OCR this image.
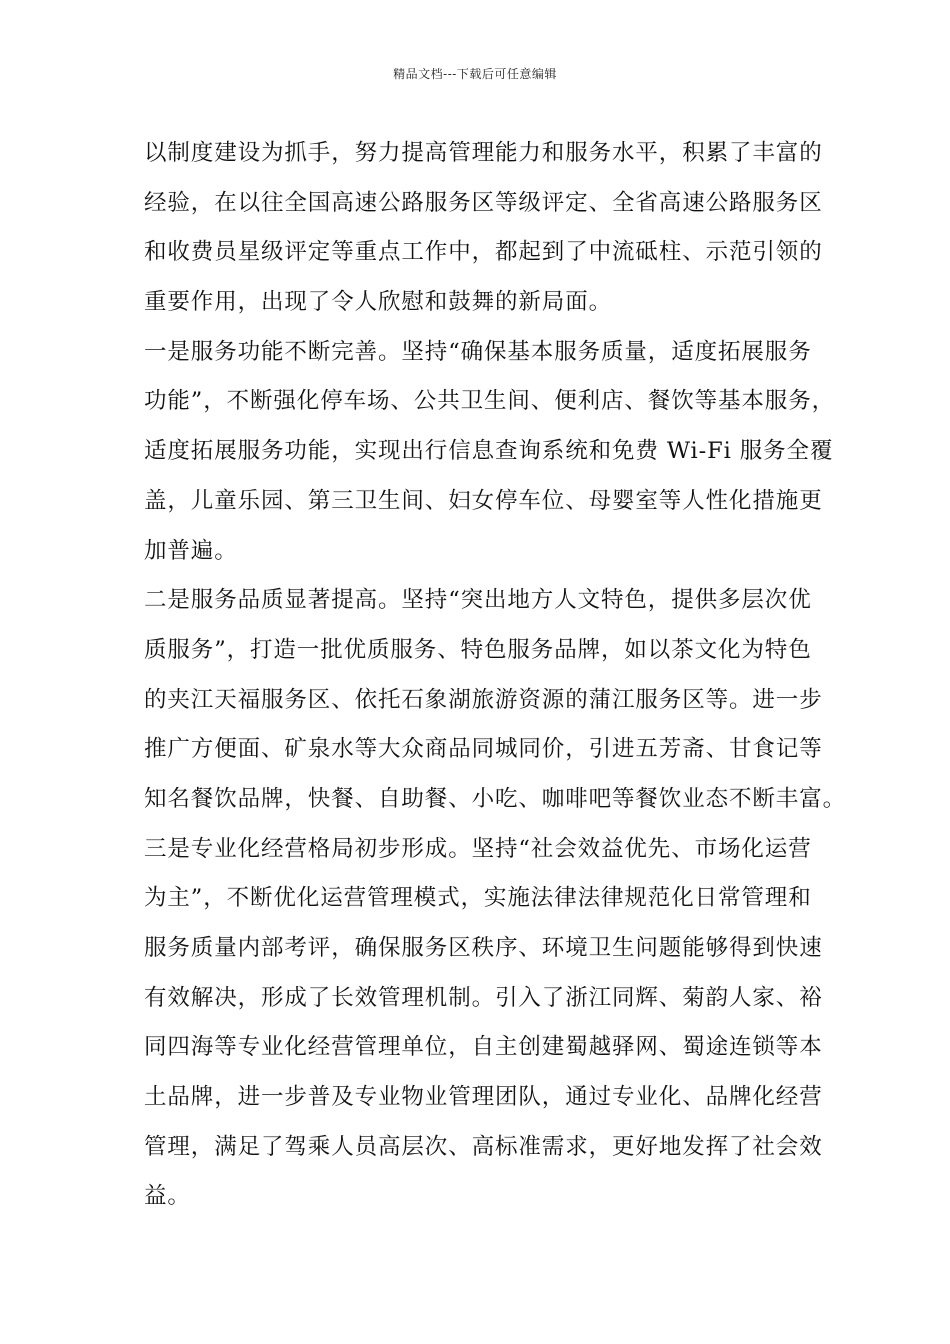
精品文档---下载后可任意编辑
以制度建设为抓手，努力提高管理能力和服务水平，积累了丰富的
经验，在以往全国高速公路服务区等级评定、全省高速公路服务区
和收费员星级评定等重点工作中，都起到了中流砥柱、示范引领的
重要作用，出现了令人欣慰和鼓舞的新局面。
一是服务功能不断完善。坚持“确保基本服务质量，适度拓展服务
功能”，不断强化停车场、公共卫生间、便利店、餐饮等基本服务，
适度拓展服务功能，实现出行信息查询系统和免费 Wi-Fi 服务全覆
盖，儿童乐园、第三卫生间、妇女停车位、母婴室等人性化措施更
加普遍。
二是服务品质显著提高。坚持“突出地方人文特色，提供多层次优
质服务”，打造一批优质服务、特色服务品牌，如以茶文化为特色
的夹江天福服务区、依托石象湖旅游资源的蒲江服务区等。进一步
推广方便面、矿泉水等大众商品同城同价，引进五芳斋、甘食记等
知名餐饮品牌，快餐、自助餐、小吃、咖啡吧等餐饮业态不断丰富。
三是专业化经营格局初步形成。坚持“社会效益优先、市场化运营
为主”，不断优化运营管理模式，实施法律法律规范化日常管理和
服务质量内部考评，确保服务区秩序、环境卫生问题能够得到快速
有效解决，形成了长效管理机制。引入了浙江同辉、菊韵人家、裕
同四海等专业化经营管理单位，自主创建蜀越驿网、蜀途连锁等本
土品牌，进一步普及专业物业管理团队，通过专业化、品牌化经营
管理，满足了驾乘人员高层次、高标准需求，更好地发挥了社会效
益。
